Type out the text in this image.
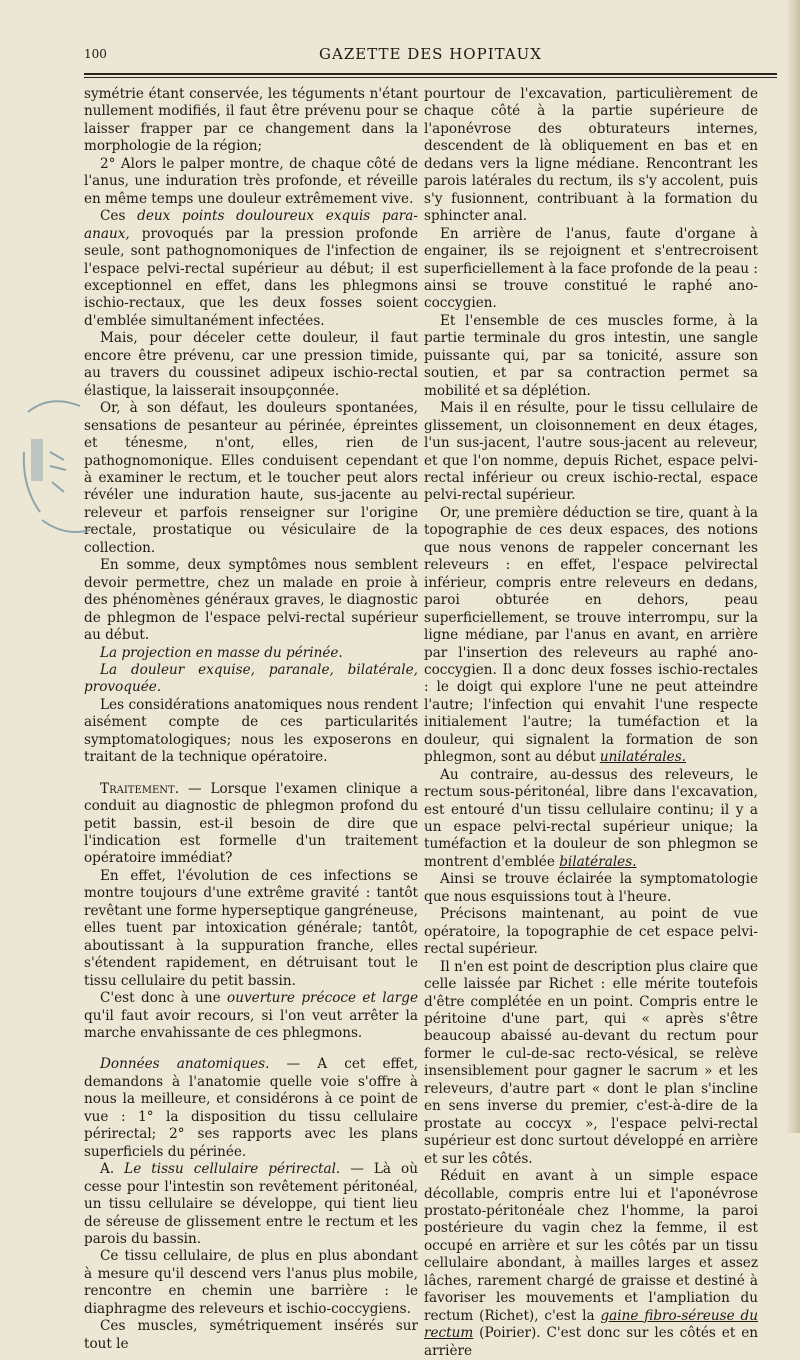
100	GAZETTE DES HOPITAUX

symétrie étant conservée, les téguments n'étant nullement modifiés, il faut être prévenu pour se laisser frapper par ce changement dans la morphologie de la région;

2° Alors le palper montre, de chaque côté de l'anus, une induration très profonde, et réveille en même temps une douleur extrêmement vive.

Ces deux points douloureux exquis para-anaux, provoqués par la pression profonde seule, sont pathognomoniques de l'infection de l'espace pelvi-rectal supérieur au début; il est exceptionnel en effet, dans les phlegmons ischio-rectaux, que les deux fosses soient d'emblée simultanément infectées.

Mais, pour déceler cette douleur, il faut encore être prévenu, car une pression timide, au travers du coussinet adipeux ischio-rectal élastique, la laisserait insoupçonnée.

Or, à son défaut, les douleurs spontanées, sensations de pesanteur au périnée, épreintes et ténesme, n'ont, elles, rien de pathognomonique. Elles conduisent cependant à examiner le rectum, et le toucher peut alors révéler une induration haute, sus-jacente au releveur et parfois renseigner sur l'origine rectale, prostatique ou vésiculaire de la collection.

En somme, deux symptômes nous semblent devoir permettre, chez un malade en proie à des phénomènes généraux graves, le diagnostic de phlegmon de l'espace pelvi-rectal supérieur au début.

La projection en masse du périnée.

La douleur exquise, paranale, bilatérale, provoquée.

Les considérations anatomiques nous rendent aisément compte de ces particularités symptomatologiques; nous les exposerons en traitant de la technique opératoire.

Traitement. — Lorsque l'examen clinique a conduit au diagnostic de phlegmon profond du petit bassin, est-il besoin de dire que l'indication est formelle d'un traitement opératoire immédiat?

En effet, l'évolution de ces infections se montre toujours d'une extrême gravité : tantôt revêtant une forme hyperseptique gangréneuse, elles tuent par intoxication générale; tantôt, aboutissant à la suppuration franche, elles s'étendent rapidement, en détruisant tout le tissu cellulaire du petit bassin.

C'est donc à une ouverture précoce et large qu'il faut avoir recours, si l'on veut arrêter la marche envahissante de ces phlegmons.

Données anatomiques. — A cet effet, demandons à l'anatomie quelle voie s'offre à nous la meilleure, et considérons à ce point de vue : 1° la disposition du tissu cellulaire périrectal; 2° ses rapports avec les plans superficiels du périnée.

A. Le tissu cellulaire périrectal. — Là où cesse pour l'intestin son revêtement péritonéal, un tissu cellulaire se développe, qui tient lieu de séreuse de glissement entre le rectum et les parois du bassin.

Ce tissu cellulaire, de plus en plus abondant à mesure qu'il descend vers l'anus plus mobile, rencontre en chemin une barrière : le diaphragme des releveurs et ischio-coccygiens.

Ces muscles, symétriquement insérés sur tout le

pourtour de l'excavation, particulièrement de chaque côté à la partie supérieure de l'aponévrose des obturateurs internes, descendent de là obliquement en bas et en dedans vers la ligne médiane. Rencontrant les parois latérales du rectum, ils s'y accolent, puis s'y fusionnent, contribuant à la formation du sphincter anal.

En arrière de l'anus, faute d'organe à engainer, ils se rejoignent et s'entrecroisent superficiellement à la face profonde de la peau : ainsi se trouve constitué le raphé ano-coccygien.

Et l'ensemble de ces muscles forme, à la partie terminale du gros intestin, une sangle puissante qui, par sa tonicité, assure son soutien, et par sa contraction permet sa mobilité et sa déplétion.

Mais il en résulte, pour le tissu cellulaire de glissement, un cloisonnement en deux étages, l'un sus-jacent, l'autre sous-jacent au releveur, et que l'on nomme, depuis Richet, espace pelvi-rectal inférieur ou creux ischio-rectal, espace pelvi-rectal supérieur.

Or, une première déduction se tire, quant à la topographie de ces deux espaces, des notions que nous venons de rappeler concernant les releveurs : en effet, l'espace pelvirectal inférieur, compris entre releveurs en dedans, paroi obturée en dehors, peau superficiellement, se trouve interrompu, sur la ligne médiane, par l'anus en avant, en arrière par l'insertion des releveurs au raphé ano-coccygien. Il a donc deux fosses ischio-rectales : le doigt qui explore l'une ne peut atteindre l'autre; l'infection qui envahit l'une respecte initialement l'autre; la tuméfaction et la douleur, qui signalent la formation de son phlegmon, sont au début unilatérales.

Au contraire, au-dessus des releveurs, le rectum sous-péritonéal, libre dans l'excavation, est entouré d'un tissu cellulaire continu; il y a un espace pelvi-rectal supérieur unique; la tuméfaction et la douleur de son phlegmon se montrent d'emblée bilatérales.

Ainsi se trouve éclairée la symptomatologie que nous esquissions tout à l'heure.

Précisons maintenant, au point de vue opératoire, la topographie de cet espace pelvi-rectal supérieur.

Il n'en est point de description plus claire que celle laissée par Richet : elle mérite toutefois d'être complétée en un point. Compris entre le péritoine d'une part, qui « après s'être beaucoup abaissé au-devant du rectum pour former le cul-de-sac recto-vésical, se relève insensiblement pour gagner le sacrum » et les releveurs, d'autre part « dont le plan s'incline en sens inverse du premier, c'est-à-dire de la prostate au coccyx », l'espace pelvi-rectal supérieur est donc surtout développé en arrière et sur les côtés.

Réduit en avant à un simple espace décollable, compris entre lui et l'aponévrose prostato-péritonéale chez l'homme, la paroi postérieure du vagin chez la femme, il est occupé en arrière et sur les côtés par un tissu cellulaire abondant, à mailles larges et assez lâches, rarement chargé de graisse et destiné à favoriser les mouvements et l'ampliation du rectum (Richet), c'est la gaine fibro-séreuse du rectum (Poirier). C'est donc sur les côtés et en arrière
